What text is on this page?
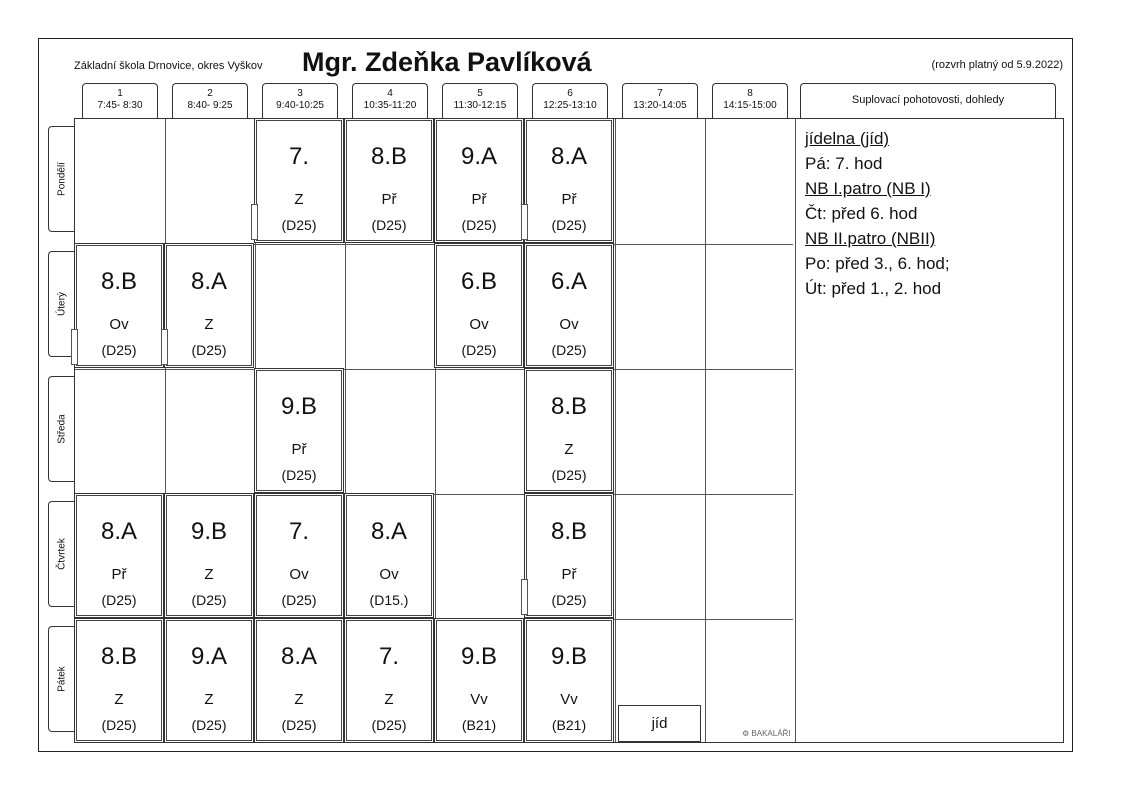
Základní škola Drnovice, okres Vyškov Mgr. Zdeňka Pavlíková	(rozvrh platný od 5.9.2022)
1
7:45- 8:30
2
8:40- 9:25
3
9:40-10:25
4
10:35-11:20
5
11:30-12:15
6
12:25-13:10
7
13:20-14:05
8
14:15-15:00	Suplovací pohotovosti, dohledy
Pondělí
Úterý
Středa
Čtvrtek
Pátek
jídelna (jíd)
Pá: 7. hod
NB I.patro (NB I)
Čt: před 6. hod
NB II.patro (NBII)
Po: před 3., 6. hod;
Út: před 1., 2. hod
jíd
⚙ BAKALÁŘI
7.
Z
(D25)
8.B
Př
(D25)
9.A
Př
(D25)
8.A
Př
(D25)
8.B
Ov
(D25)
8.A
Z
(D25)
6.B
Ov
(D25)
6.A
Ov
(D25)
9.B
Př
(D25)
8.B
Z
(D25)
8.A
Př
(D25)
9.B
Z
(D25)
7.
Ov
(D25)
8.A
Ov
(D15.)
8.B
Př
(D25)
8.B
Z
(D25)
9.A
Z
(D25)
8.A
Z
(D25)
7.
Z
(D25)
9.B
Vv
(B21)
9.B
Vv
(B21)
